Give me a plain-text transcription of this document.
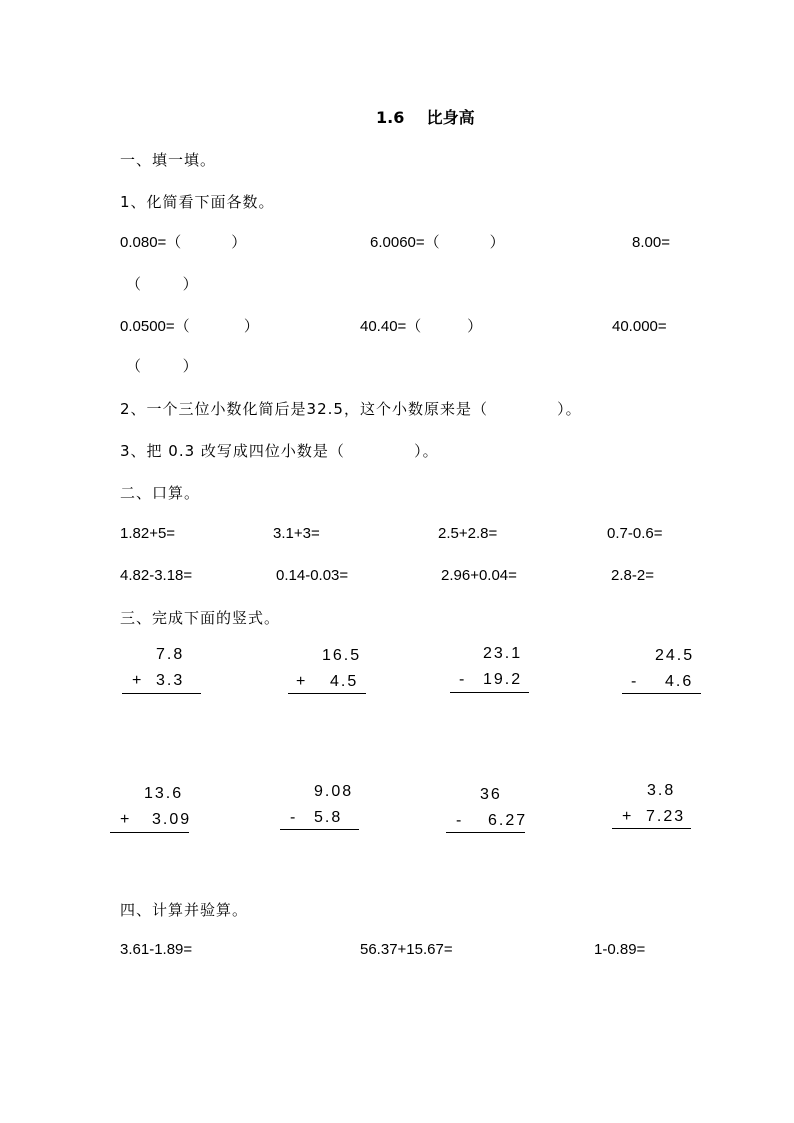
1.6    比身高
一、填一填。
1、化简看下面各数。
0.080=（            ）	6.0060=（            ）	8.00=
（          ）
0.0500=（             ）	40.40=（           ）	40.000=
（          ）
2、一个三位小数化简后是32.5，这个小数原来是（            ）。
3、把 0.3 改写成四位小数是（            ）。
二、口算。
1.82+5=	3.1+3=	2.5+2.8=	0.7-0.6=
4.82-3.18=	0.14-0.03=	2.96+0.04=	2.8-2=
三、完成下面的竖式。
7.8
+ 3.3
16.5
+ 4.5
23.1
- 19.2
24.5
- 4.6
13.6
+ 3.09
9.08
- 5.8
36
- 6.27
3.8
+ 7.23
四、计算并验算。
3.61-1.89=	56.37+15.67=	1-0.89=
